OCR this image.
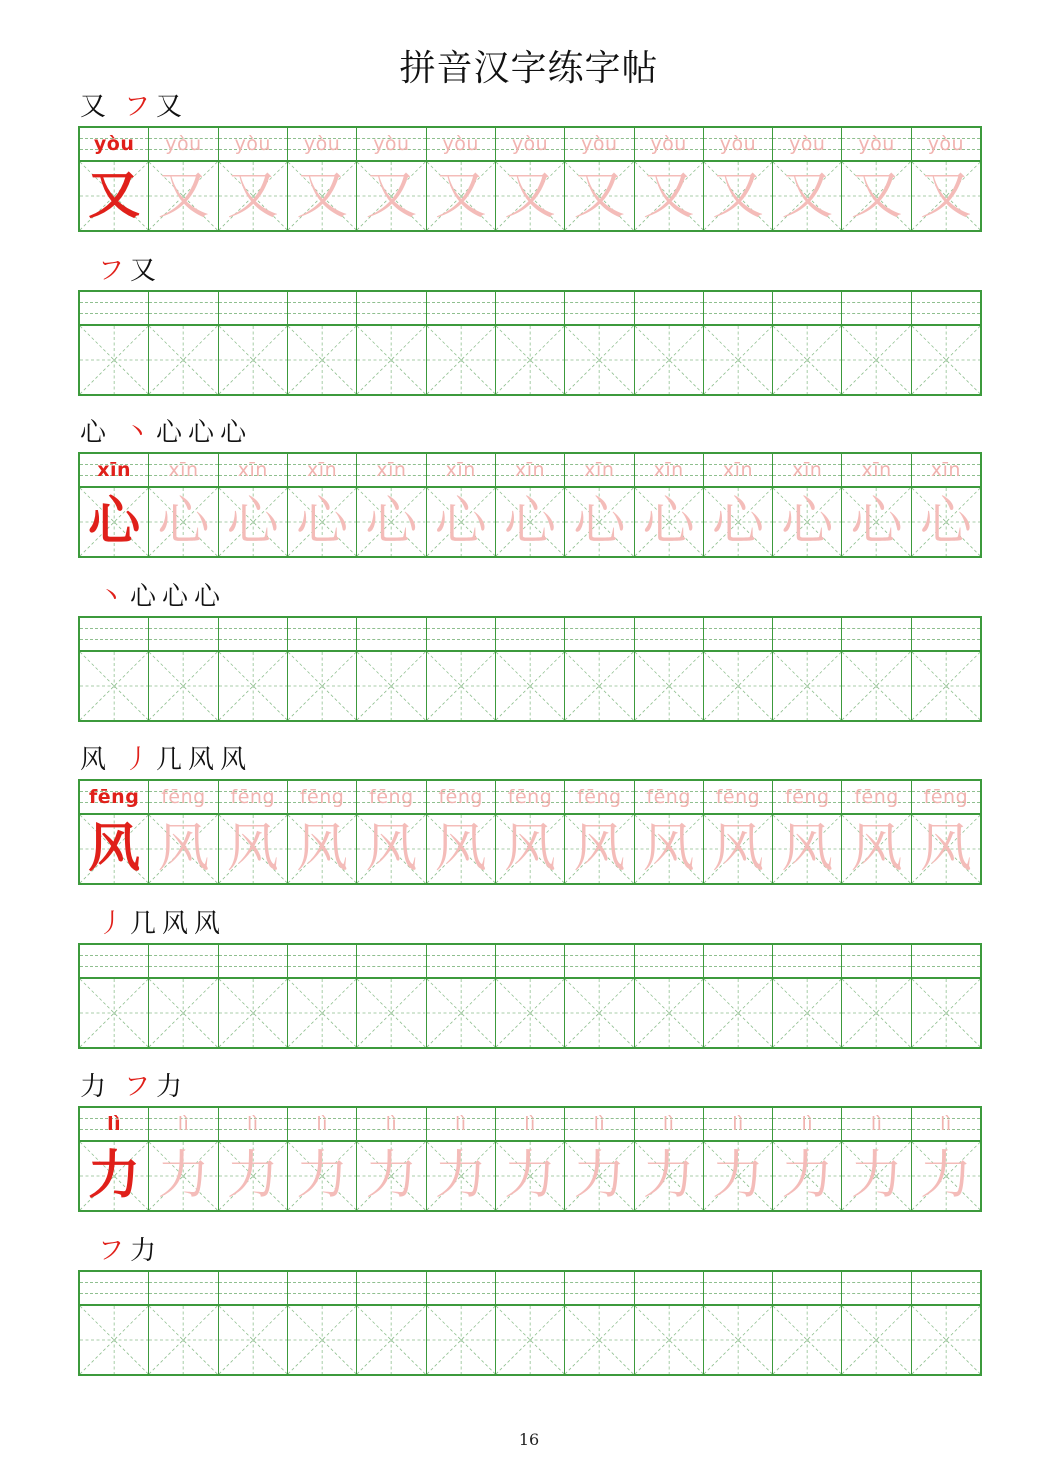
拼音汉字练字帖
又 フ 又
yòu
又
yòu
又
yòu
又
yòu
又
yòu
又
yòu
又
yòu
又
yòu
又
yòu
又
yòu
又
yòu
又
yòu
又
yòu
又
フ 又
心 丶 心 心 心
xīn
心
xīn
心
xīn
心
xīn
心
xīn
心
xīn
心
xīn
心
xīn
心
xīn
心
xīn
心
xīn
心
xīn
心
xīn
心
丶 心 心 心
风 丿 几 风 风
fēng
风
fēng
风
fēng
风
fēng
风
fēng
风
fēng
风
fēng
风
fēng
风
fēng
风
fēng
风
fēng
风
fēng
风
fēng
风
丿 几 风 风
力 フ 力
lì
力
lì
力
lì
力
lì
力
lì
力
lì
力
lì
力
lì
力
lì
力
lì
力
lì
力
lì
力
lì
力
フ 力
16
